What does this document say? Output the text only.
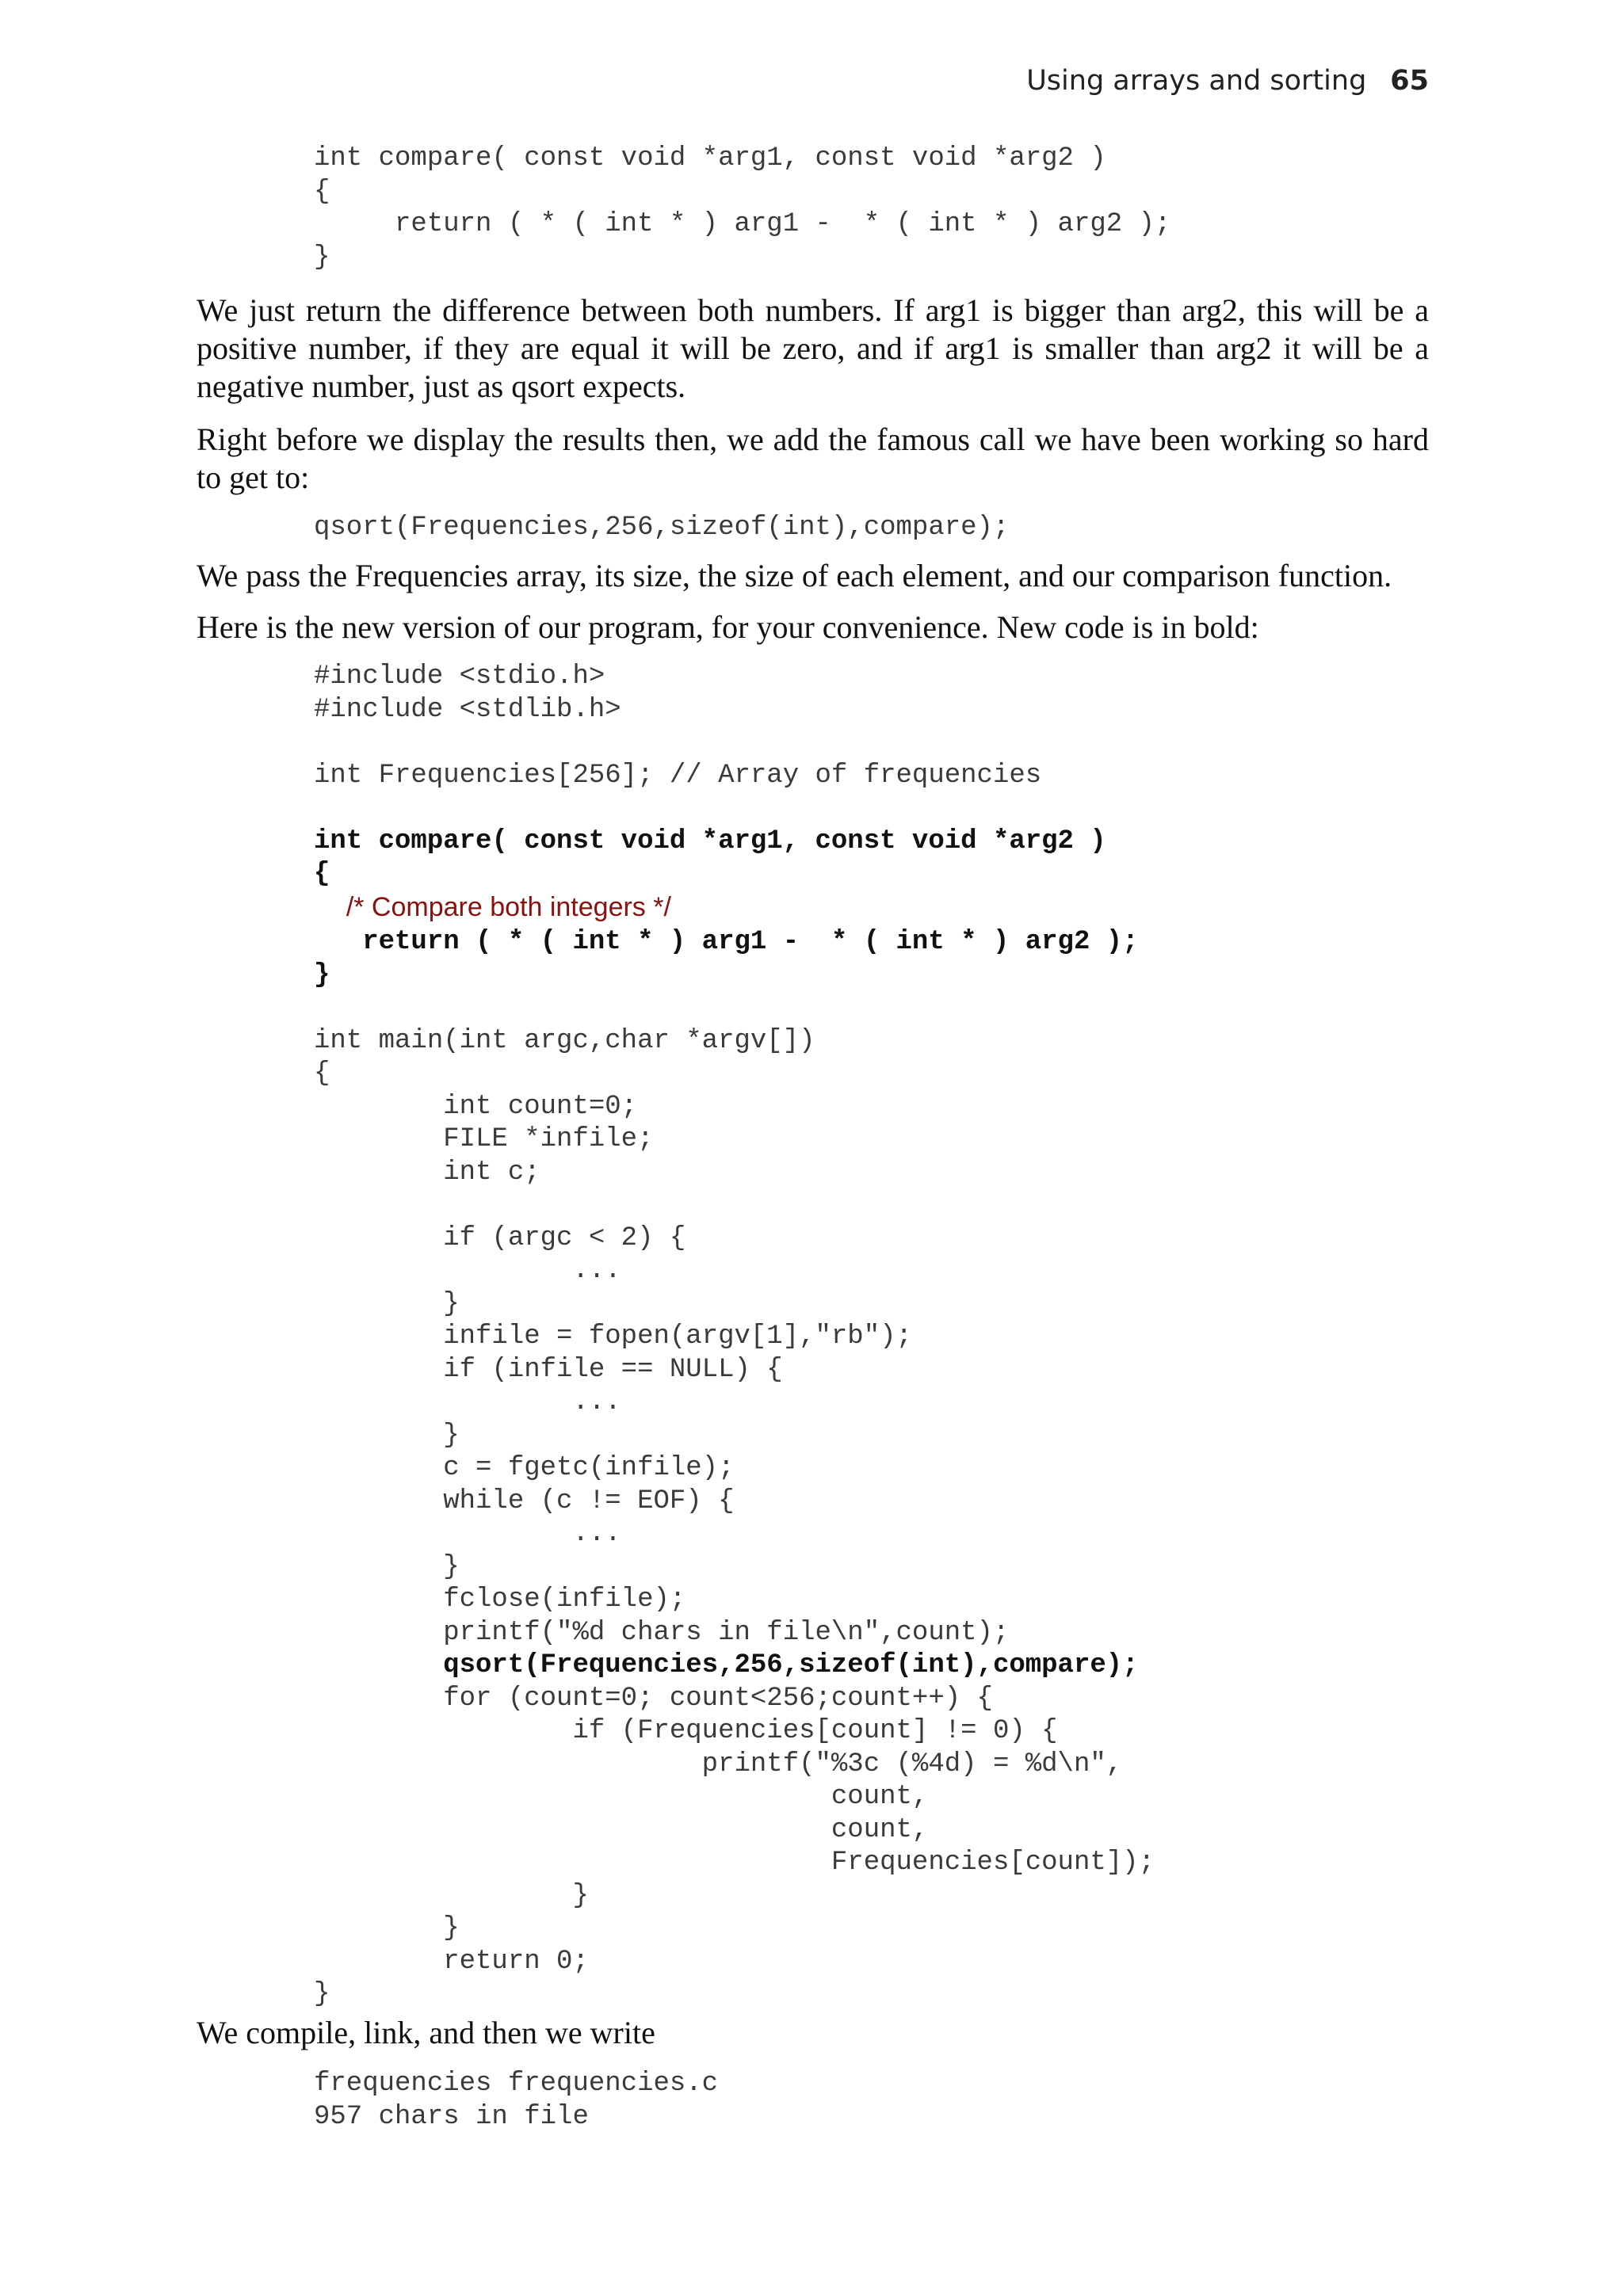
Using arrays and sorting 65
int compare( const void *arg1, const void *arg2 )
{
return ( * ( int * ) arg1 -  * ( int * ) arg2 );
}

We just return the difference between both numbers. If arg1 is bigger than arg2, this will be a positive number, if they are equal it will be zero, and if arg1 is smaller than arg2 it will be a negative number, just as qsort expects.

Right before we display the results then, we add the famous call we have been working so hard to get to:

qsort(Frequencies,256,sizeof(int),compare);

We pass the Frequencies array, its size, the size of each element, and our comparison function.

Here is the new version of our program, for your convenience. New code is in bold:

#include <stdio.h>
#include <stdlib.h>

int Frequencies[256]; // Array of frequencies

int compare( const void *arg1, const void *arg2 )
{
/* Compare both integers */
return ( * ( int * ) arg1 -  * ( int * ) arg2 );
}

int main(int argc,char *argv[])
{
int count=0;
FILE *infile;
int c;

if (argc < 2) {
...
}
infile = fopen(argv[1],"rb");
if (infile == NULL) {
...
}
c = fgetc(infile);
while (c != EOF) {
...
}
fclose(infile);
printf("%d chars in file\n",count);
qsort(Frequencies,256,sizeof(int),compare);
for (count=0; count<256;count++) {
if (Frequencies[count] != 0) {
printf("%3c (%4d) = %d\n",
count,
count,
Frequencies[count]);
}
}
return 0;
}

We compile, link, and then we write

frequencies frequencies.c
957 chars in file
